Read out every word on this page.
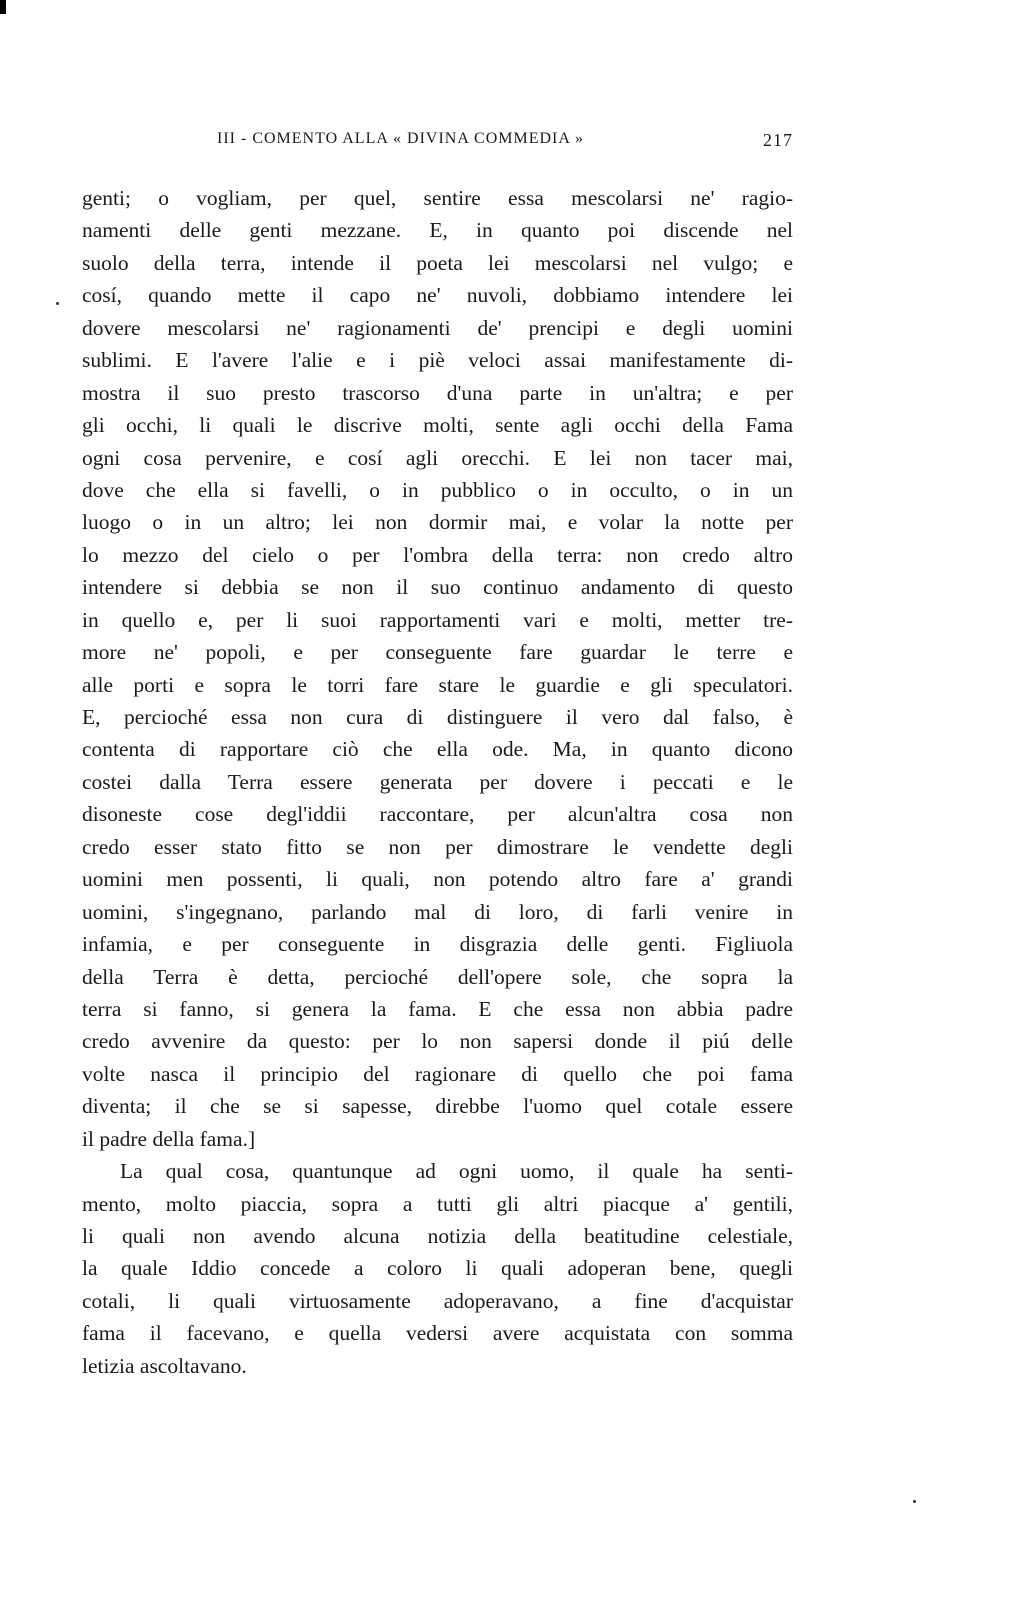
III - COMENTO ALLA « DIVINA COMMEDIA »	217
genti; o vogliam, per quel, sentire essa mescolarsi ne' ragio-
namenti delle genti mezzane. E, in quanto poi discende nel
suolo della terra, intende il poeta lei mescolarsi nel vulgo; e
cosí, quando mette il capo ne' nuvoli, dobbiamo intendere lei
dovere mescolarsi ne' ragionamenti de' prencipi e degli uomini
sublimi. E l'avere l'alie e i piè veloci assai manifestamente di-
mostra il suo presto trascorso d'una parte in un'altra; e per
gli occhi, li quali le discrive molti, sente agli occhi della Fama
ogni cosa pervenire, e cosí agli orecchi. E lei non tacer mai,
dove che ella si favelli, o in pubblico o in occulto, o in un
luogo o in un altro; lei non dormir mai, e volar la notte per
lo mezzo del cielo o per l'ombra della terra: non credo altro
intendere si debbia se non il suo continuo andamento di questo
in quello e, per li suoi rapportamenti vari e molti, metter tre-
more ne' popoli, e per conseguente fare guardar le terre e
alle porti e sopra le torri fare stare le guardie e gli speculatori.
E, percioché essa non cura di distinguere il vero dal falso, è
contenta di rapportare ciò che ella ode. Ma, in quanto dicono
costei dalla Terra essere generata per dovere i peccati e le
disoneste cose degl'iddii raccontare, per alcun'altra cosa non
credo esser stato fitto se non per dimostrare le vendette degli
uomini men possenti, li quali, non potendo altro fare a' grandi
uomini, s'ingegnano, parlando mal di loro, di farli venire in
infamia, e per conseguente in disgrazia delle genti. Figliuola
della Terra è detta, percioché dell'opere sole, che sopra la
terra si fanno, si genera la fama. E che essa non abbia padre
credo avvenire da questo: per lo non sapersi donde il piú delle
volte nasca il principio del ragionare di quello che poi fama
diventa; il che se si sapesse, direbbe l'uomo quel cotale essere
il padre della fama.]
La qual cosa, quantunque ad ogni uomo, il quale ha senti-
mento, molto piaccia, sopra a tutti gli altri piacque a' gentili,
li quali non avendo alcuna notizia della beatitudine celestiale,
la quale Iddio concede a coloro li quali adoperan bene, quegli
cotali, li quali virtuosamente adoperavano, a fine d'acquistar
fama il facevano, e quella vedersi avere acquistata con somma
letizia ascoltavano.
